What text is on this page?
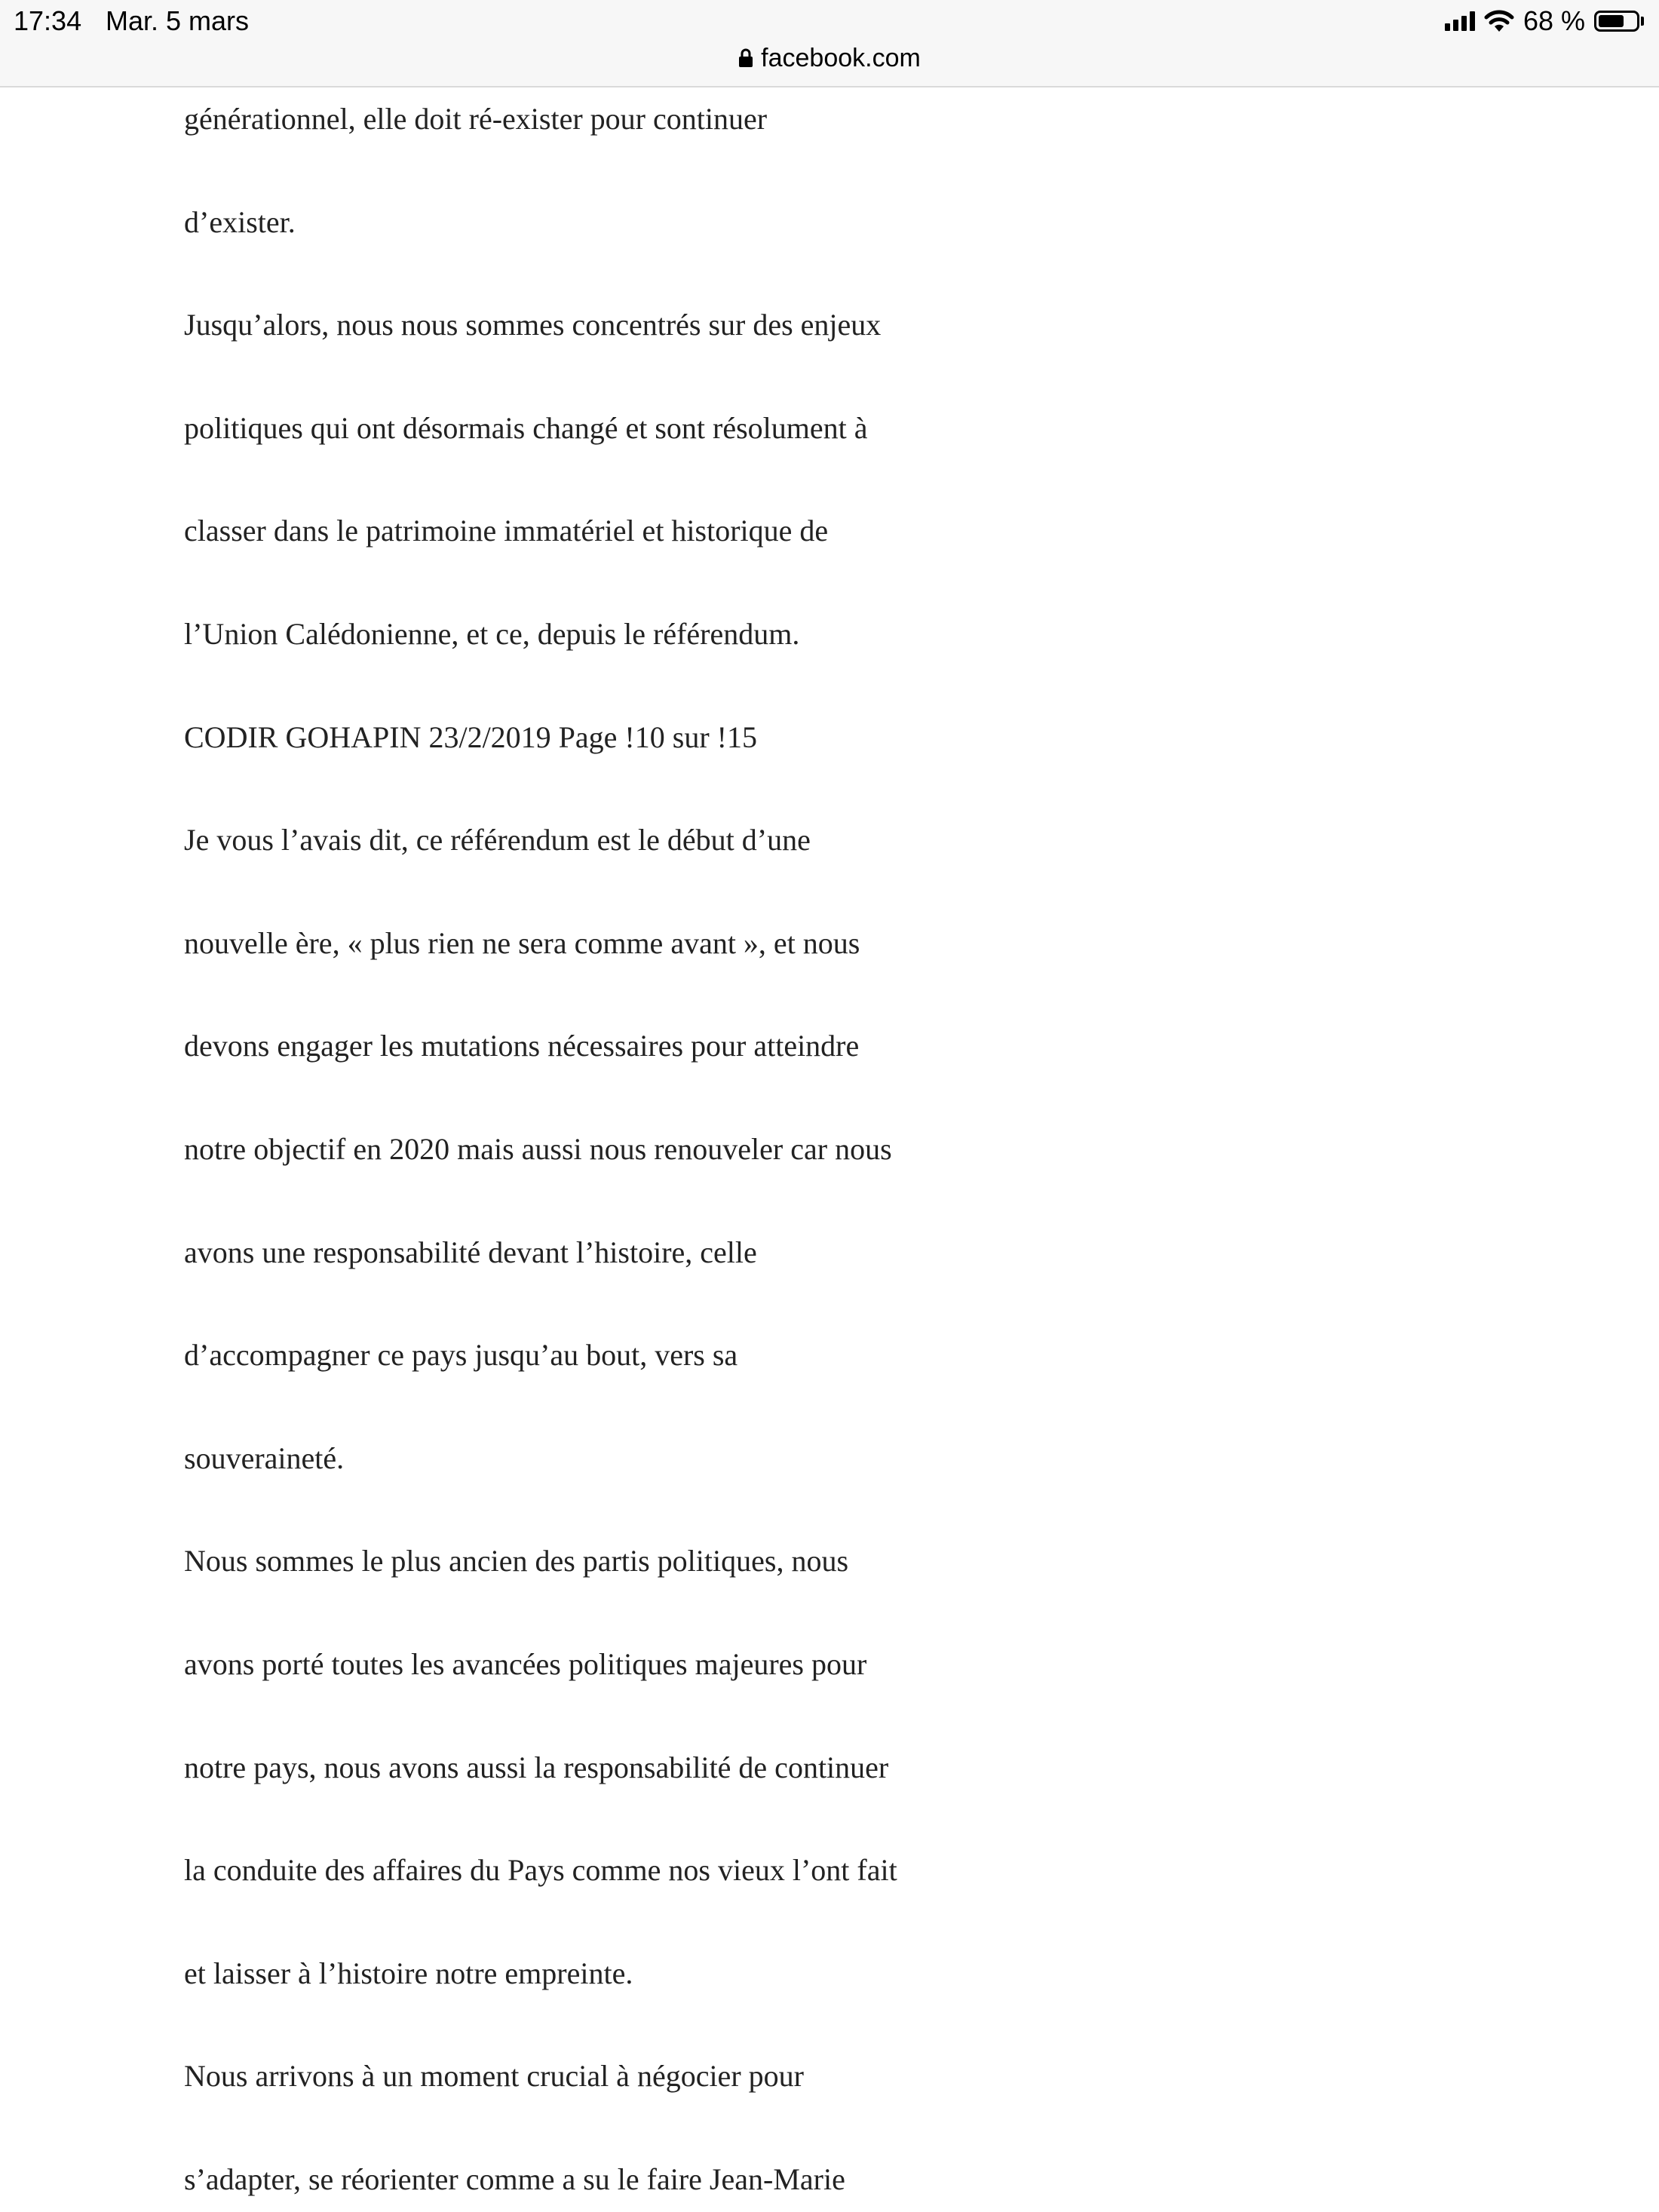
17:34 Mar. 5 mars	68 %
facebook.com
générationnel, elle doit ré-exister pour continuer
d’exister.
Jusqu’alors, nous nous sommes concentrés sur des enjeux
politiques qui ont désormais changé et sont résolument à
classer dans le patrimoine immatériel et historique de
l’Union Calédonienne, et ce, depuis le référendum.
CODIR GOHAPIN 23/2/2019 Page !10 sur !15
Je vous l’avais dit, ce référendum est le début d’une
nouvelle ère, « plus rien ne sera comme avant », et nous
devons engager les mutations nécessaires pour atteindre
notre objectif en 2020 mais aussi nous renouveler car nous
avons une responsabilité devant l’histoire, celle
d’accompagner ce pays jusqu’au bout, vers sa
souveraineté.
Nous sommes le plus ancien des partis politiques, nous
avons porté toutes les avancées politiques majeures pour
notre pays, nous avons aussi la responsabilité de continuer
la conduite des affaires du Pays comme nos vieux l’ont fait
et laisser à l’histoire notre empreinte.
Nous arrivons à un moment crucial à négocier pour
s’adapter, se réorienter comme a su le faire Jean-Marie
